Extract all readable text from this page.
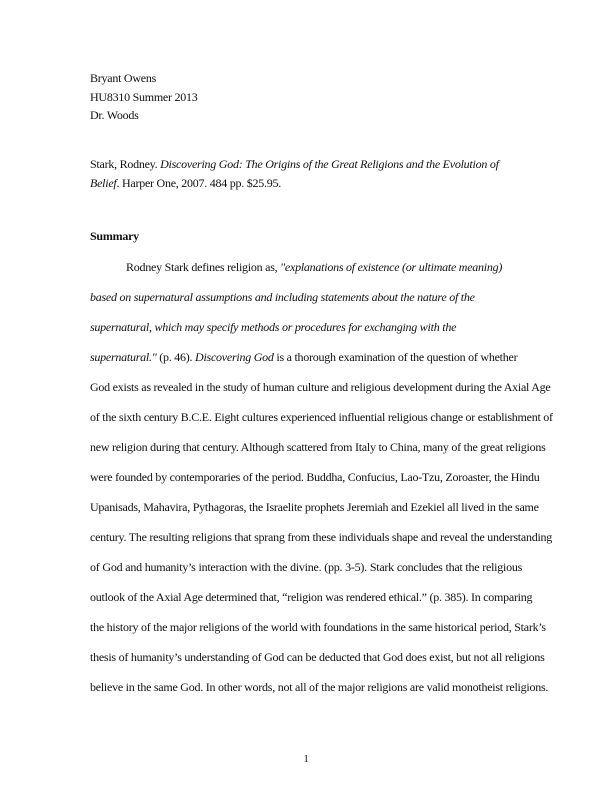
Bryant Owens
HU8310 Summer 2013
Dr. Woods
Stark, Rodney. Discovering God: The Origins of the Great Religions and the Evolution of
Belief. Harper One, 2007. 484 pp. $25.95.
Summary
Rodney Stark defines religion as, "explanations of existence (or ultimate meaning)
based on supernatural assumptions and including statements about the nature of the
supernatural, which may specify methods or procedures for exchanging with the
supernatural." (p. 46). Discovering God is a thorough examination of the question of whether
God exists as revealed in the study of human culture and religious development during the Axial Age
of the sixth century B.C.E. Eight cultures experienced influential religious change or establishment of
new religion during that century. Although scattered from Italy to China, many of the great religions
were founded by contemporaries of the period. Buddha, Confucius, Lao-Tzu, Zoroaster, the Hindu
Upanisads, Mahavira, Pythagoras, the Israelite prophets Jeremiah and Ezekiel all lived in the same
century. The resulting religions that sprang from these individuals shape and reveal the understanding
of God and humanity’s interaction with the divine. (pp. 3-5). Stark concludes that the religious
outlook of the Axial Age determined that, “religion was rendered ethical.” (p. 385). In comparing
the history of the major religions of the world with foundations in the same historical period, Stark’s
thesis of humanity’s understanding of God can be deducted that God does exist, but not all religions
believe in the same God. In other words, not all of the major religions are valid monotheist religions.
1
